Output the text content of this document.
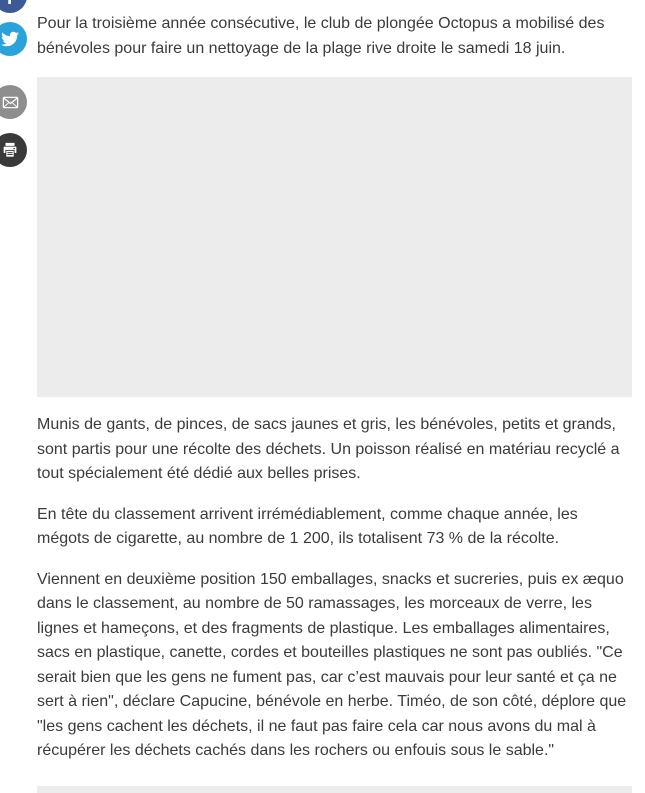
Pour la troisième année consécutive, le club de plongée Octopus a mobilisé des bénévoles pour faire un nettoyage de la plage rive droite le samedi 18 juin.

Munis de gants, de pinces, de sacs jaunes et gris, les bénévoles, petits et grands, sont partis pour une récolte des déchets. Un poisson réalisé en matériau recyclé a tout spécialement été dédié aux belles prises.

En tête du classement arrivent irrémédiablement, comme chaque année, les mégots de cigarette, au nombre de 1 200, ils totalisent 73 % de la récolte.

Viennent en deuxième position 150 emballages, snacks et sucreries, puis ex æquo dans le classement, au nombre de 50 ramassages, les morceaux de verre, les lignes et hameçons, et des fragments de plastique. Les emballages alimentaires, sacs en plastique, canette, cordes et bouteilles plastiques ne sont pas oubliés. "Ce serait bien que les gens ne fument pas, car c’est mauvais pour leur santé et ça ne sert à rien", déclare Capucine, bénévole en herbe. Timéo, de son côté, déplore que "les gens cachent les déchets, il ne faut pas faire cela car nous avons du mal à récupérer les déchets cachés dans les rochers ou enfouis sous le sable."
